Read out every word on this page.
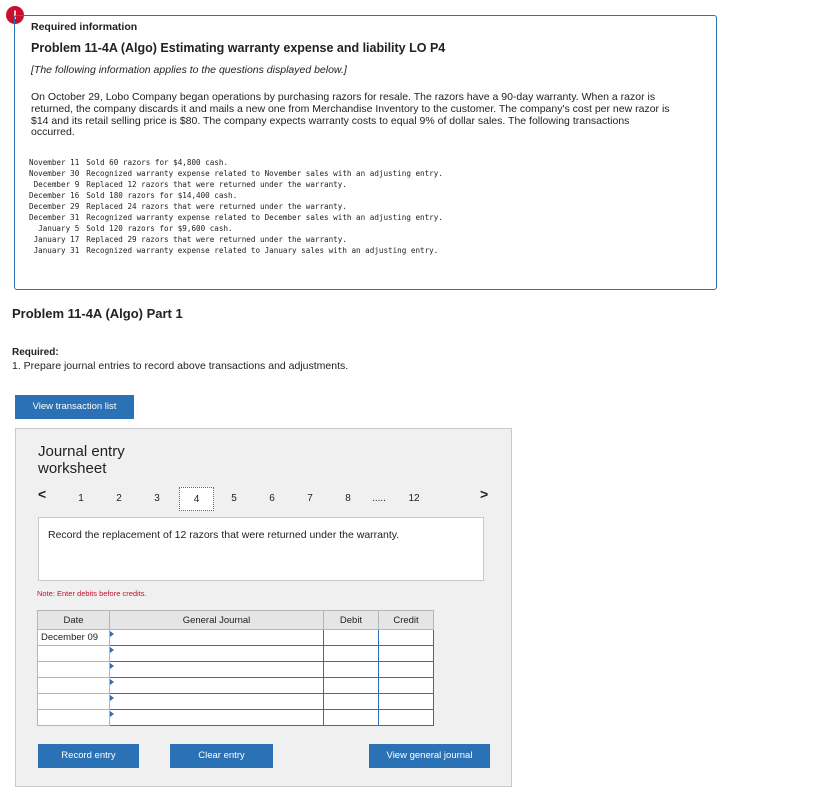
!
Required information
Problem 11-4A (Algo) Estimating warranty expense and liability LO P4
[The following information applies to the questions displayed below.]
On October 29, Lobo Company began operations by purchasing razors for resale. The razors have a 90-day warranty. When a razor is returned, the company discards it and mails a new one from Merchandise Inventory to the customer. The company's cost per new razor is $14 and its retail selling price is $80. The company expects warranty costs to equal 9% of dollar sales. The following transactions occurred.
November 11	Sold 60 razors for $4,800 cash.
November 30	Recognized warranty expense related to November sales with an adjusting entry.
December 9	Replaced 12 razors that were returned under the warranty.
December 16	Sold 180 razors for $14,400 cash.
December 29	Replaced 24 razors that were returned under the warranty.
December 31	Recognized warranty expense related to December sales with an adjusting entry.
January 5	Sold 120 razors for $9,600 cash.
January 17	Replaced 29 razors that were returned under the warranty.
January 31	Recognized warranty expense related to January sales with an adjusting entry.
Problem 11-4A (Algo) Part 1
Required:
1. Prepare journal entries to record above transactions and adjustments.
View transaction list
Journal entry worksheet
<	1	2	3	4	5	6	7	8	.....	12	>
Record the replacement of 12 razors that were returned under the warranty.
Note: Enter debits before credits.
Date	General Journal	Debit	Credit
December 09			

Record entry	Clear entry	View general journal
